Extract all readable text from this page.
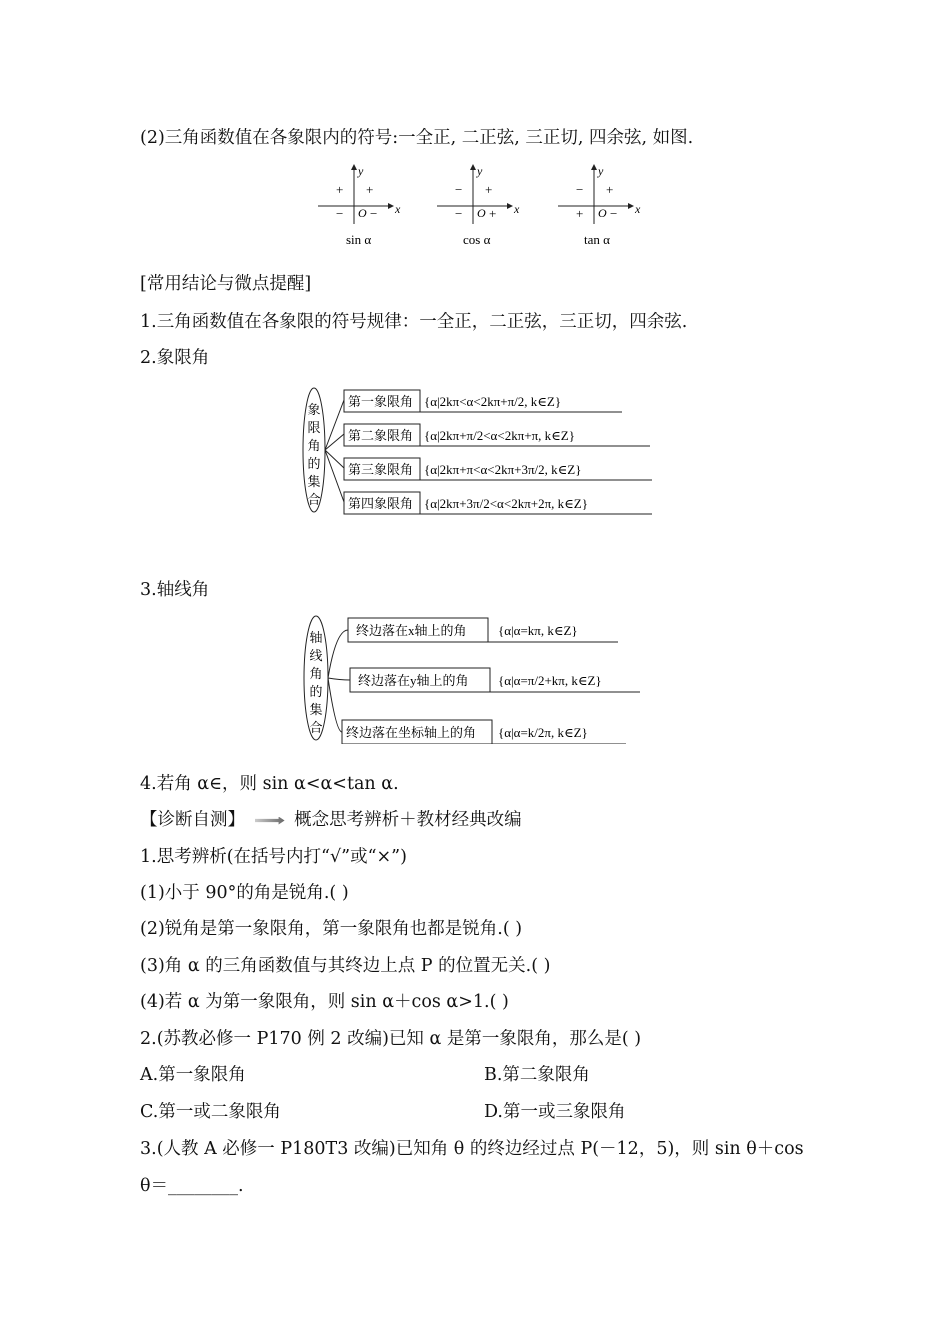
(2)三角函数值在各象限内的符号:一全正, 二正弦, 三正切, 四余弦, 如图.
y
x
O
+
+
− −
sin α
y
x
O
+
−
− +
cos α
y
x
O
+
−
+ −
tan α
[常用结论与微点提醒]
1.三角函数值在各象限的符号规律：一全正，二正弦，三正切，四余弦.
2.象限角
象
限
角
的
集
合
第一象限角
第二象限角
第三象限角
第四象限角
{α|2kπ<α<2kπ+π/2, k∈Z}
{α|2kπ+π/2<α<2kπ+π, k∈Z}
{α|2kπ+π<α<2kπ+3π/2, k∈Z}
{α|2kπ+3π/2<α<2kπ+2π, k∈Z}
3.轴线角
轴
线
角
的
集
合
终边落在x轴上的角
终边落在y轴上的角
终边落在坐标轴上的角
{α|α=kπ, k∈Z}
{α|α=π/2+kπ, k∈Z}
{α|α=k/2π, k∈Z}
4.若角 α∈，则 sin α<α<tan α.
【诊断自测】	概念思考辨析＋教材经典改编
1.思考辨析(在括号内打“√”或“×”)
(1)小于 90°的角是锐角.( )
(2)锐角是第一象限角，第一象限角也都是锐角.( )
(3)角 α 的三角函数值与其终边上点 P 的位置无关.( )
(4)若 α 为第一象限角，则 sin α＋cos α>1.( )
2.(苏教必修一 P170 例 2 改编)已知 α 是第一象限角，那么是( )
A.第一象限角	B.第二象限角
C.第一或二象限角	D.第一或三象限角
3.(人教 A 必修一 P180T3 改编)已知角 θ 的终边经过点 P(－12，5)，则 sin θ＋cos
θ＝________.
